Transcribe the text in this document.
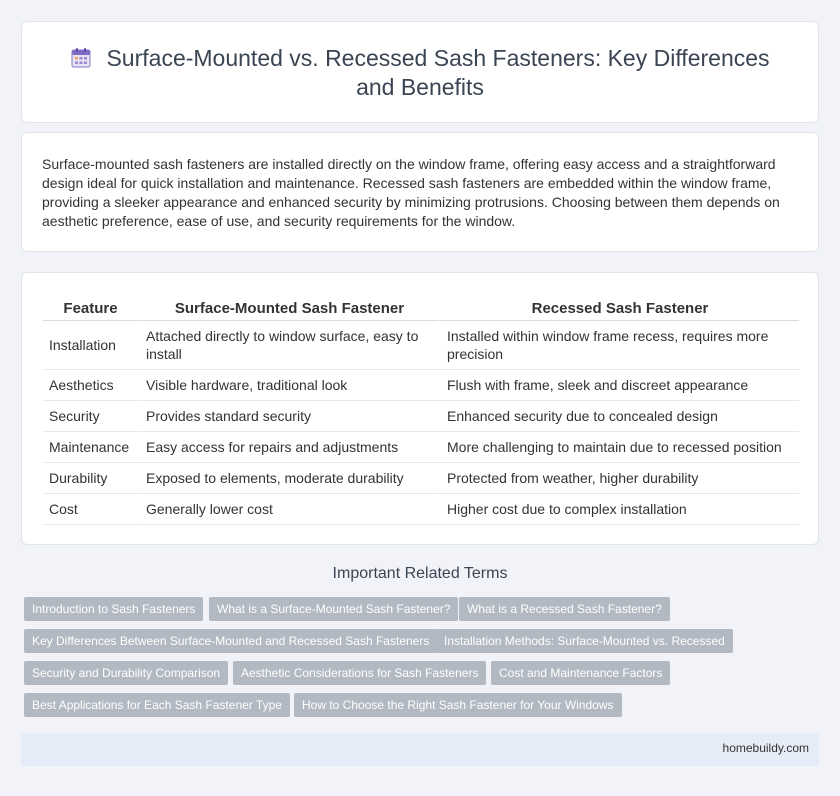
Surface-Mounted vs. Recessed Sash Fasteners: Key Differences
and Benefits

Surface-mounted sash fasteners are installed directly on the window frame, offering easy access and a straightforward design ideal for quick installation and maintenance. Recessed sash fasteners are embedded within the window frame, providing a sleeker appearance and enhanced security by minimizing protrusions. Choosing between them depends on aesthetic preference, ease of use, and security requirements for the window.

Feature	Surface-Mounted Sash Fastener	Recessed Sash Fastener
Installation	Attached directly to window surface, easy to install	Installed within window frame recess, requires more precision
Aesthetics	Visible hardware, traditional look	Flush with frame, sleek and discreet appearance
Security	Provides standard security	Enhanced security due to concealed design
Maintenance	Easy access for repairs and adjustments	More challenging to maintain due to recessed position
Durability	Exposed to elements, moderate durability	Protected from weather, higher durability
Cost	Generally lower cost	Higher cost due to complex installation
Important Related Terms
Introduction to Sash Fasteners	What is a Surface-Mounted Sash Fastener?	What is a Recessed Sash Fastener?
Key Differences Between Surface-Mounted and Recessed Sash Fasteners	Installation Methods: Surface-Mounted vs. Recessed
Security and Durability Comparison	Aesthetic Considerations for Sash Fasteners	Cost and Maintenance Factors
Best Applications for Each Sash Fastener Type	How to Choose the Right Sash Fastener for Your Windows
homebuildy.com
